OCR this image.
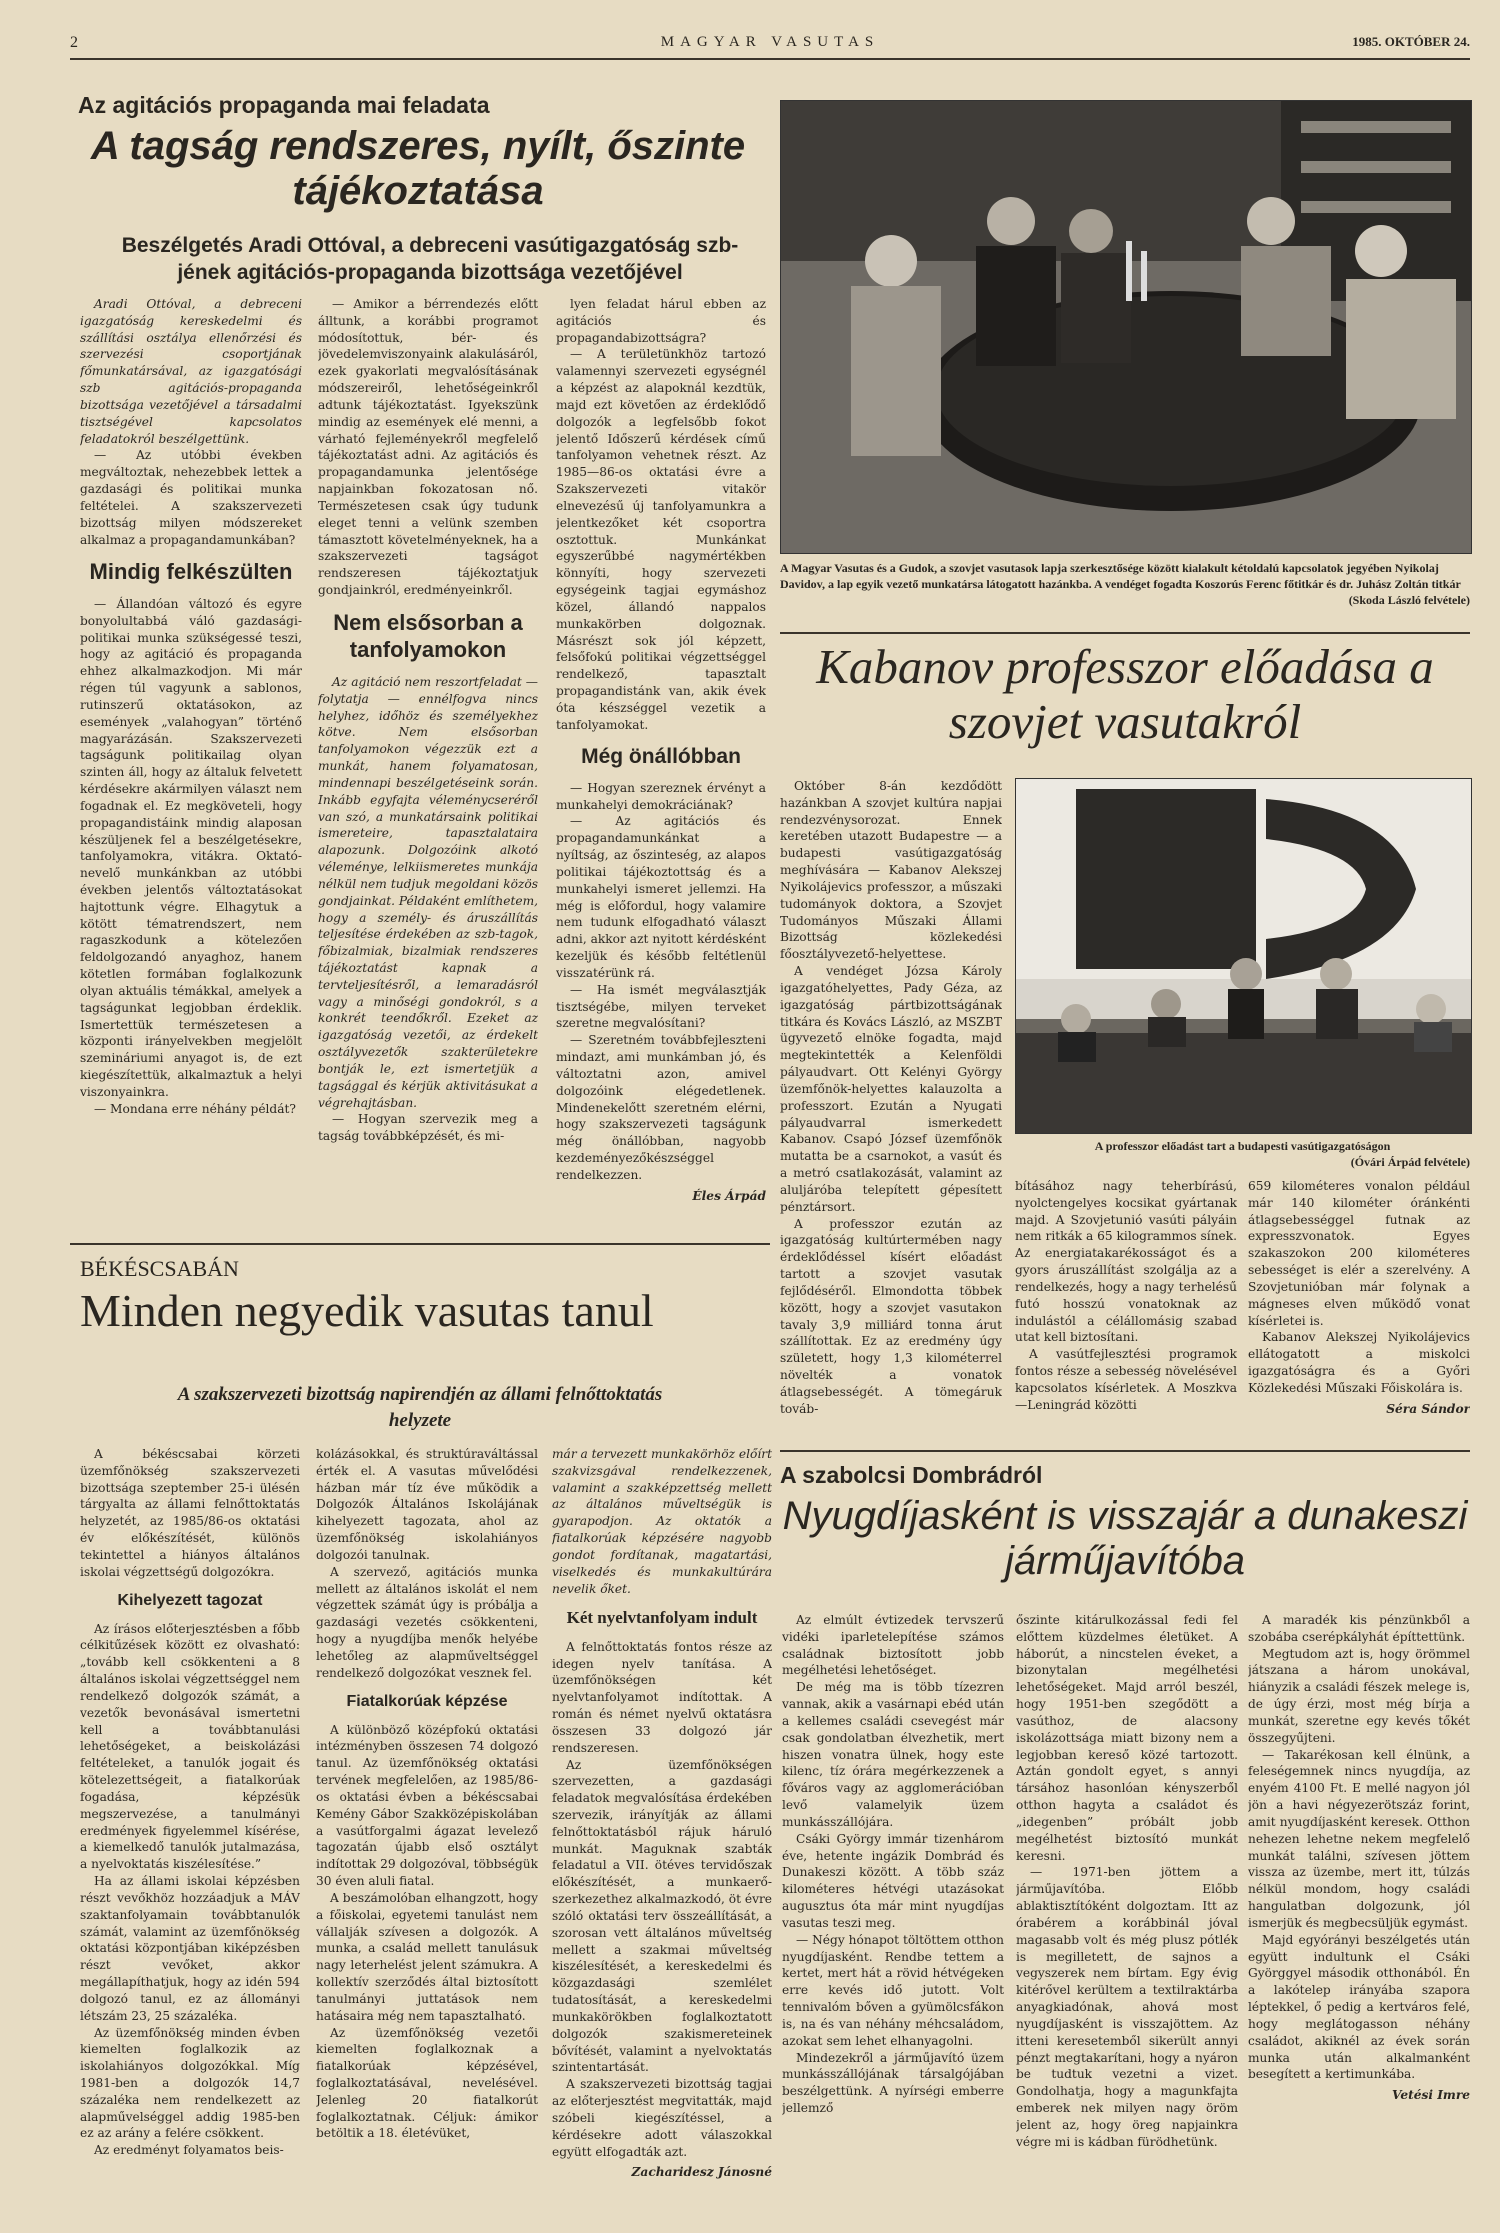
2	MAGYAR VASUTAS	1985. OKTÓBER 24.
Az agitációs propaganda mai feladata
A tagság rendszeres, nyílt, őszinte tájékoztatása
Beszélgetés Aradi Ottóval, a debreceni vasútigazgatóság szb-jének agitációs-propaganda bizottsága vezetőjével

Aradi Ottóval, a debreceni igazgatóság kereskedelmi és szállítási osztálya ellenőrzési és szervezési csoportjának főmunkatársával, az igazgatósági szb agitációs-propaganda bizottsága vezetőjével a társadalmi tisztségével kapcsolatos feladatokról beszélgettünk.

— Az utóbbi években megváltoztak, nehezebbek lettek a gazdasági és politikai munka feltételei. A szakszervezeti bizottság milyen módszereket alkalmaz a propagandamunkában?

Mindig felkészülten

— Állandóan változó és egyre bonyolultabbá váló gazdasági-politikai munka szükségessé teszi, hogy az agitáció és propaganda ehhez alkalmazkodjon. Mi már régen túl vagyunk a sablonos, rutinszerű oktatásokon, az események „valahogyan” történő magyarázásán. Szakszervezeti tagságunk politikailag olyan szinten áll, hogy az általuk felvetett kérdésekre akármilyen választ nem fogadnak el. Ez megköveteli, hogy propagandistáink mindig alaposan készüljenek fel a beszélgetésekre, tanfolyamokra, vitákra. Oktató-nevelő munkánkban az utóbbi években jelentős változtatásokat hajtottunk végre. Elhagytuk a kötött tématrendszert, nem ragaszkodunk a kötelezően feldolgozandó anyaghoz, hanem kötetlen formában foglalkozunk olyan aktuális témákkal, amelyek a tagságunkat legjobban érdeklik. Ismertettük természetesen a központi irányelvekben megjelölt szemináriumi anyagot is, de ezt kiegészítettük, alkalmaztuk a helyi viszonyainkra.

— Mondana erre néhány példát?

— Amikor a bérrendezés előtt álltunk, a korábbi programot módosítottuk, bér- és jövedelemviszonyaink alakulásáról, ezek gyakorlati megvalósításának módszereiről, lehetőségeinkről adtunk tájékoztatást. Igyekszünk mindig az események elé menni, a várható fejleményekről megfelelő tájékoztatást adni. Az agitációs és propagandamunka jelentősége napjainkban fokozatosan nő. Természetesen csak úgy tudunk eleget tenni a velünk szemben támasztott követelményeknek, ha a szakszervezeti tagságot rendszeresen tájékoztatjuk gondjainkról, eredményeinkről.

Nem elsősorban a tanfolyamokon

Az agitáció nem reszortfeladat — folytatja — ennélfogva nincs helyhez, időhöz és személyekhez kötve. Nem elsősorban tanfolyamokon végezzük ezt a munkát, hanem folyamatosan, mindennapi beszélgetéseink során. Inkább egyfajta véleménycseréről van szó, a munkatársaink politikai ismereteire, tapasztalataira alapozunk. Dolgozóink alkotó véleménye, lelkiismeretes munkája nélkül nem tudjuk megoldani közös gondjainkat. Példaként említhetem, hogy a személy- és áruszállítás teljesítése érdekében az szb-tagok, főbizalmiak, bizalmiak rendszeres tájékoztatást kapnak a tervteljesítésről, a lemaradásról vagy a minőségi gondokról, s a konkrét teendőkről. Ezeket az igazgatóság vezetői, az érdekelt osztályvezetők szakterületekre bontják le, ezt ismertetjük a tagsággal és kérjük aktivitásukat a végrehajtásban.

— Hogyan szervezik meg a tagság továbbképzését, és mi-

lyen feladat hárul ebben az agitációs és propagandabizottságra?

— A területünkhöz tartozó valamennyi szervezeti egységnél a képzést az alapoknál kezdtük, majd ezt követően az érdeklődő dolgozók a legfelsőbb fokot jelentő Időszerű kérdések című tanfolyamon vehetnek részt. Az 1985—86-os oktatási évre a Szakszervezeti vitakör elnevezésű új tanfolyamunkra a jelentkezőket két csoportra osztottuk. Munkánkat egyszerűbbé nagymértékben könnyíti, hogy szervezeti egységeink tagjai egymáshoz közel, állandó nappalos munkakörben dolgoznak. Másrészt sok jól képzett, felsőfokú politikai végzettséggel rendelkező, tapasztalt propagandistánk van, akik évek óta készséggel vezetik a tanfolyamokat.

Még önállóbban

— Hogyan szereznek érvényt a munkahelyi demokráciának?

— Az agitációs és propagandamunkánkat a nyíltság, az őszinteség, az alapos politikai tájékoztottság és a munkahelyi ismeret jellemzi. Ha még is előfordul, hogy valamire nem tudunk elfogadható választ adni, akkor azt nyitott kérdésként kezeljük és később feltétlenül visszatérünk rá.

— Ha ismét megválasztják tisztségébe, milyen terveket szeretne megvalósítani?

— Szeretném továbbfejleszteni mindazt, ami munkámban jó, és változtatni azon, amivel dolgozóink elégedetlenek. Mindenekelőtt szeretném elérni, hogy szakszervezeti tagságunk még önállóbban, nagyobb kezdeményezőkészséggel rendelkezzen.

Éles Árpád
A Magyar Vasutas és a Gudok, a szovjet vasutasok lapja szerkesztősége között kialakult kétoldalú kapcsolatok jegyében Nyikolaj Davidov, a lap egyik vezető munkatársa látogatott hazánkba. A vendéget fogadta Koszorús Ferenc főtitkár és dr. Juhász Zoltán titkár
(Skoda László felvétele)
Kabanov professzor előadása a szovjet vasutakról
A professzor előadást tart a budapesti vasútigazgatóságon
(Óvári Árpád felvétele)

Október 8-án kezdődött hazánkban A szovjet kultúra napjai rendezvénysorozat. Ennek keretében utazott Budapestre — a budapesti vasútigazgatóság meghívására — Kabanov Alekszej Nyikolájevics professzor, a műszaki tudományok doktora, a Szovjet Tudományos Műszaki Állami Bizottság közlekedési főosztályvezető-helyettese.

A vendéget Józsa Károly igazgatóhelyettes, Pady Géza, az igazgatóság pártbizottságának titkára és Kovács László, az MSZBT ügyvezető elnöke fogadta, majd megtekintették a Kelenföldi pályaudvart. Ott Kelényi György üzemfőnök-helyettes kalauzolta a professzort. Ezután a Nyugati pályaudvarral ismerkedett Kabanov. Csapó József üzemfőnök mutatta be a csarnokot, a vasút és a metró csatlakozását, valamint az aluljáróba telepített gépesített pénztársort.

A professzor ezután az igazgatóság kultúrtermében nagy érdeklődéssel kísért előadást tartott a szovjet vasutak fejlődéséről. Elmondotta többek között, hogy a szovjet vasutakon tavaly 3,9 milliárd tonna árut szállítottak. Ez az eredmény úgy született, hogy 1,3 kilométerrel növelték a vonatok átlagsebességét. A tömegáruk továb-

bításához nagy teherbírású, nyolctengelyes kocsikat gyártanak majd. A Szovjetunió vasúti pályáin nem ritkák a 65 kilogrammos sínek. Az energiatakarékosságot és a gyors áruszállítást szolgálja az a rendelkezés, hogy a nagy terhelésű futó hosszú vonatoknak az indulástól a célállomásig szabad utat kell biztosítani.

A vasútfejlesztési programok fontos része a sebesség növelésével kapcsolatos kísérletek. A Moszkva—Leningrád közötti

659 kilométeres vonalon például már 140 kilométer óránkénti átlagsebességgel futnak az expresszvonatok. Egyes szakaszokon 200 kilométeres sebességet is elér a szerelvény. A Szovjetunióban már folynak a mágneses elven működő vonat kísérletei is.

Kabanov Alekszej Nyikolájevics ellátogatott a miskolci igazgatóságra és a Győri Közlekedési Műszaki Főiskolára is.

Séra Sándor
BÉKÉSCSABÁN
Minden negyedik vasutas tanul
A szakszervezeti bizottság napirendjén az állami felnőttoktatás helyzete

A békéscsabai körzeti üzemfőnökség szakszervezeti bizottsága szeptember 25-i ülésén tárgyalta az állami felnőttoktatás helyzetét, az 1985/86-os oktatási év előkészítését, különös tekintettel a hiányos általános iskolai végzettségű dolgozókra.

Kihelyezett tagozat

Az írásos előterjesztésben a főbb célkitűzések között ez olvasható: „tovább kell csökkenteni a 8 általános iskolai végzettséggel nem rendelkező dolgozók számát, a vezetők bevonásával ismertetni kell a továbbtanulási lehetőségeket, a beiskolázási feltételeket, a tanulók jogait és kötelezettségeit, a fiatalkorúak fogadása, képzésük megszervezése, a tanulmányi eredmények figyelemmel kísérése, a kiemelkedő tanulók jutalmazása, a nyelvoktatás kiszélesítése.”

Ha az állami iskolai képzésben részt vevőkhöz hozzáadjuk a MÁV szaktanfolyamain továbbtanulók számát, valamint az üzemfőnökség oktatási központjában kiképzésben részt vevőket, akkor megállapíthatjuk, hogy az idén 594 dolgozó tanul, ez az állományi létszám 23, 25 százaléka.

Az üzemfőnökség minden évben kiemelten foglalkozik az iskolahiányos dolgozókkal. Míg 1981-ben a dolgozók 14,7 százaléka nem rendelkezett az alapművelséggel addig 1985-ben ez az arány a felére csökkent.

Az eredményt folyamatos beis-

kolázásokkal, és struktúraváltással érték el. A vasutas művelődési házban már tíz éve működik a Dolgozók Általános Iskolájának kihelyezett tagozata, ahol az üzemfőnökség iskolahiányos dolgozói tanulnak.

A szervező, agitációs munka mellett az általános iskolát el nem végzettek számát úgy is próbálja a gazdasági vezetés csökkenteni, hogy a nyugdíjba menők helyébe lehetőleg az alapműveltséggel rendelkező dolgozókat vesznek fel.

Fiatalkorúak képzése

A különböző középfokú oktatási intézményben összesen 74 dolgozó tanul. Az üzemfőnökség oktatási tervének megfelelően, az 1985/86-os oktatási évben a békéscsabai Kemény Gábor Szakközépiskolában a vasútforgalmi ágazat levelező tagozatán újabb első osztályt indítottak 29 dolgozóval, többségük 30 éven aluli fiatal.

A beszámolóban elhangzott, hogy a főiskolai, egyetemi tanulást nem vállalják szívesen a dolgozók. A munka, a család mellett tanulásuk nagy leterhelést jelent számukra. A kollektív szerződés által biztosított tanulmányi juttatások nem hatásaira még nem tapasztalható.

Az üzemfőnökség vezetői kiemelten foglalkoznak a fiatalkorúak képzésével, foglalkoztatásával, nevelésével. Jelenleg 20 fiatalkorút foglalkoztatnak. Céljuk: ámikor betöltik a 18. életévüket,

már a tervezett munkakörhöz előírt szakvizsgával rendelkezzenek, valamint a szakképzettség mellett az általános műveltségük is gyarapodjon. Az oktatók a fiatalkorúak képzésére nagyobb gondot fordítanak, magatartási, viselkedés és munkakultúrára nevelik őket.

Két nyelvtanfolyam indult

A felnőttoktatás fontos része az idegen nyelv tanítása. A üzemfőnökségen két nyelvtanfolyamot indítottak. A román és német nyelvű oktatásra összesen 33 dolgozó jár rendszeresen.

Az üzemfőnökségen szervezetten, a gazdasági feladatok megvalósítása érdekében szervezik, irányítják az állami felnőttoktatásból rájuk háruló munkát. Maguknak szabták feladatul a VII. ötéves tervidőszak előkészítését, a munkaerő-szerkezethez alkalmazkodó, öt évre szóló oktatási terv összeállítását, a szorosan vett általános műveltség mellett a szakmai műveltség kiszélesítését, a kereskedelmi és közgazdasági szemlélet tudatosítását, a kereskedelmi munkakörökben foglalkoztatott dolgozók szakismereteinek bővítését, valamint a nyelvoktatás szintentartását.

A szakszervezeti bizottság tagjai az előterjesztést megvitatták, majd szóbeli kiegészítéssel, a kérdésekre adott válaszokkal együtt elfogadták azt.

Zacharidesz Jánosné
A szabolcsi Dombrádról
Nyugdíjasként is visszajár a dunakeszi járműjavítóba

Az elmúlt évtizedek tervszerű vidéki iparletelepítése számos családnak biztosított jobb megélhetési lehetőséget.

De még ma is több tízezren vannak, akik a vasárnapi ebéd után a kellemes családi csevegést már csak gondolatban élvezhetik, mert hiszen vonatra ülnek, hogy este kilenc, tíz órára megérkezzenek a főváros vagy az agglomerációban levő valamelyik üzem munkásszállójára.

Csáki György immár tizenhárom éve, hetente ingázik Dombrád és Dunakeszi között. A több száz kilométeres hétvégi utazásokat augusztus óta már mint nyugdíjas vasutas teszi meg.

— Négy hónapot töltöttem otthon nyugdíjasként. Rendbe tettem a kertet, mert hát a rövid hétvégeken erre kevés idő jutott. Volt tennivalóm bőven a gyümölcsfákon is, na és van néhány méhcsaládom, azokat sem lehet elhanyagolni.

Mindezekről a járműjavító üzem munkásszállójának társalgójában beszélgettünk. A nyírségi emberre jellemző

őszinte kitárulkozással fedi fel előttem küzdelmes életüket. A háborút, a nincstelen éveket, a bizonytalan megélhetési lehetőségeket. Majd arról beszél, hogy 1951-ben szegődött a vasúthoz, de alacsony iskolázottsága miatt bizony nem a legjobban kereső közé tartozott. Aztán gondolt egyet, s annyi társához hasonlóan kényszerből otthon hagyta a családot és „idegenben” próbált jobb megélhetést biztosító munkát keresni.

— 1971-ben jöttem a járműjavítóba. Előbb ablaktisztítóként dolgoztam. Itt az órabérem a korábbinál jóval magasabb volt és még plusz pótlék is megilletett, de sajnos a vegyszerek nem bírtam. Egy évig kitérővel kerültem a textilraktárba anyagkiadónak, ahová most nyugdíjasként is visszajöttem. Az itteni keresetemből sikerült annyi pénzt megtakarítani, hogy a nyáron be tudtuk vezetni a vizet. Gondolhatja, hogy a magunkfajta emberek nek milyen nagy öröm jelent az, hogy öreg napjainkra végre mi is kádban fürödhetünk.

A maradék kis pénzünkből a szobába cserépkályhát építtettünk.

Megtudom azt is, hogy örömmel játszana a három unokával, hiányzik a családi fészek melege is, de úgy érzi, most még bírja a munkát, szeretne egy kevés tőkét összegyűjteni.

— Takarékosan kell élnünk, a feleségemnek nincs nyugdíja, az enyém 4100 Ft. E mellé nagyon jól jön a havi négyezerötszáz forint, amit nyugdíjasként keresek. Otthon nehezen lehetne nekem megfelelő munkát találni, szívesen jöttem vissza az üzembe, mert itt, túlzás nélkül mondom, hogy családi hangulatban dolgozunk, jól ismerjük és megbecsüljük egymást.

Majd egyórányi beszélgetés után együtt indultunk el Csáki Györggyel második otthonából. Én a lakótelep irányába szapora léptekkel, ő pedig a kertváros felé, hogy meglátogasson néhány családot, akiknél az évek során munka után alkalmanként besegített a kertimunkába.

Vetési Imre
